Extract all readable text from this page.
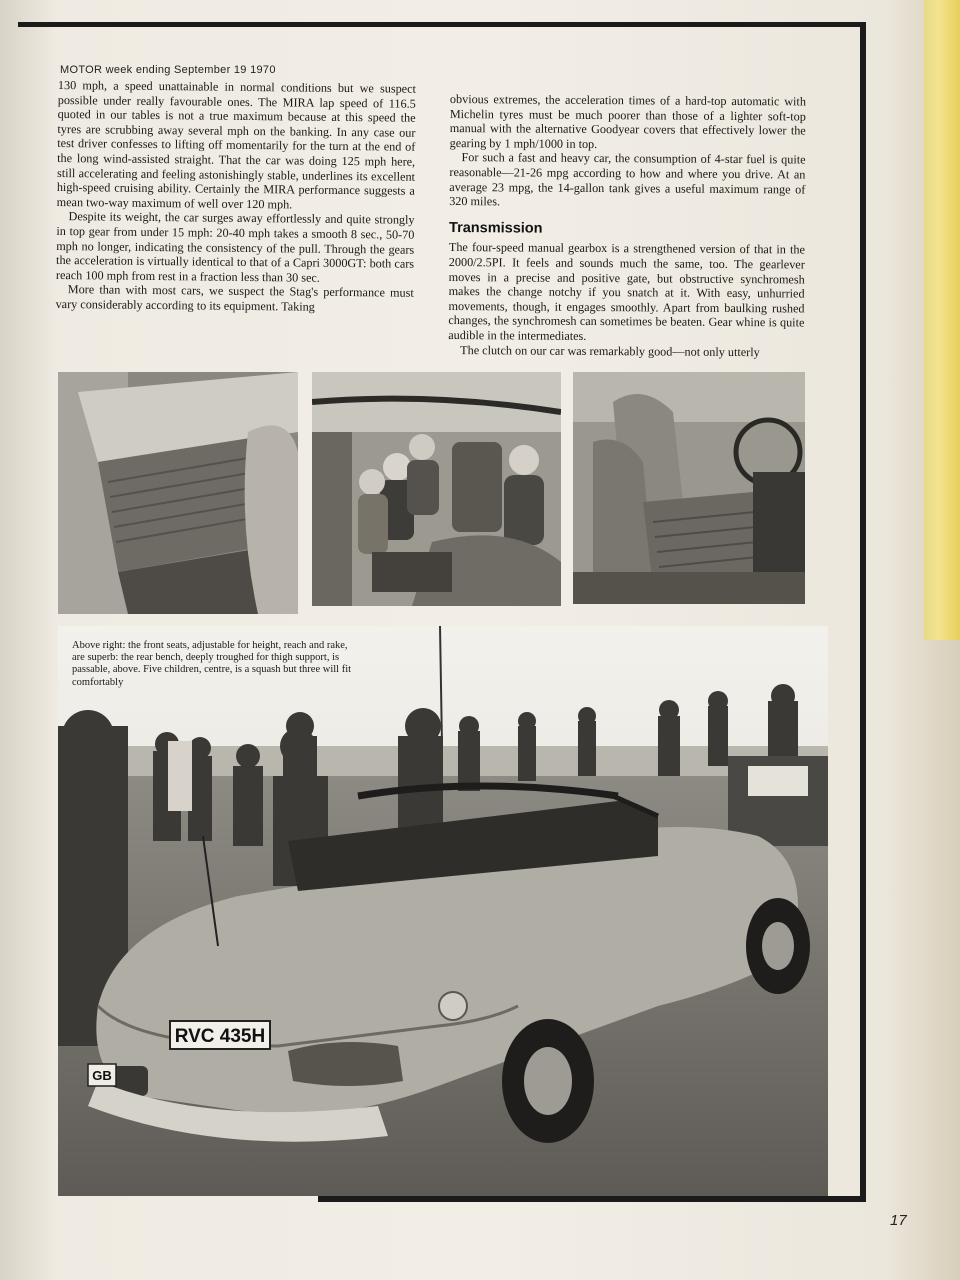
MOTOR week ending September 19 1970

130 mph, a speed unattainable in normal conditions but we suspect possible under really favourable ones. The MIRA lap speed of 116.5 quoted in our tables is not a true maximum because at this speed the tyres are scrubbing away several mph on the banking. In any case our test driver confesses to lifting off momentarily for the turn at the end of the long wind-assisted straight. That the car was doing 125 mph here, still accelerating and feeling astonishingly stable, underlines its excellent high-speed cruising ability. Certainly the MIRA performance suggests a mean two-way maximum of well over 120 mph.

Despite its weight, the car surges away effortlessly and quite strongly in top gear from under 15 mph: 20-40 mph takes a smooth 8 sec., 50-70 mph no longer, indicating the consistency of the pull. Through the gears the acceleration is virtually identical to that of a Capri 3000GT: both cars reach 100 mph from rest in a fraction less than 30 sec.

More than with most cars, we suspect the Stag's performance must vary considerably according to its equipment. Taking

obvious extremes, the acceleration times of a hard-top automatic with Michelin tyres must be much poorer than those of a lighter soft-top manual with the alternative Goodyear covers that effectively lower the gearing by 1 mph/1000 in top.

For such a fast and heavy car, the consumption of 4-star fuel is quite reasonable—21-26 mpg according to how and where you drive. At an average 23 mpg, the 14-gallon tank gives a useful maximum range of 320 miles.

Transmission

The four-speed manual gearbox is a strengthened version of that in the 2000/2.5PI. It feels and sounds much the same, too. The gearlever moves in a precise and positive gate, but obstructive synchromesh makes the change notchy if you snatch at it. With easy, unhurried movements, though, it engages smoothly. Apart from baulking rushed changes, the synchromesh can sometimes be beaten. Gear whine is quite audible in the intermediates.

The clutch on our car was remarkably good—not only utterly

RVC 435H
GB
Above right: the front seats, adjustable for height, reach and rake, are superb: the rear bench, deeply troughed for thigh support, is passable, above. Five children, centre, is a squash but three will fit comfortably
17
